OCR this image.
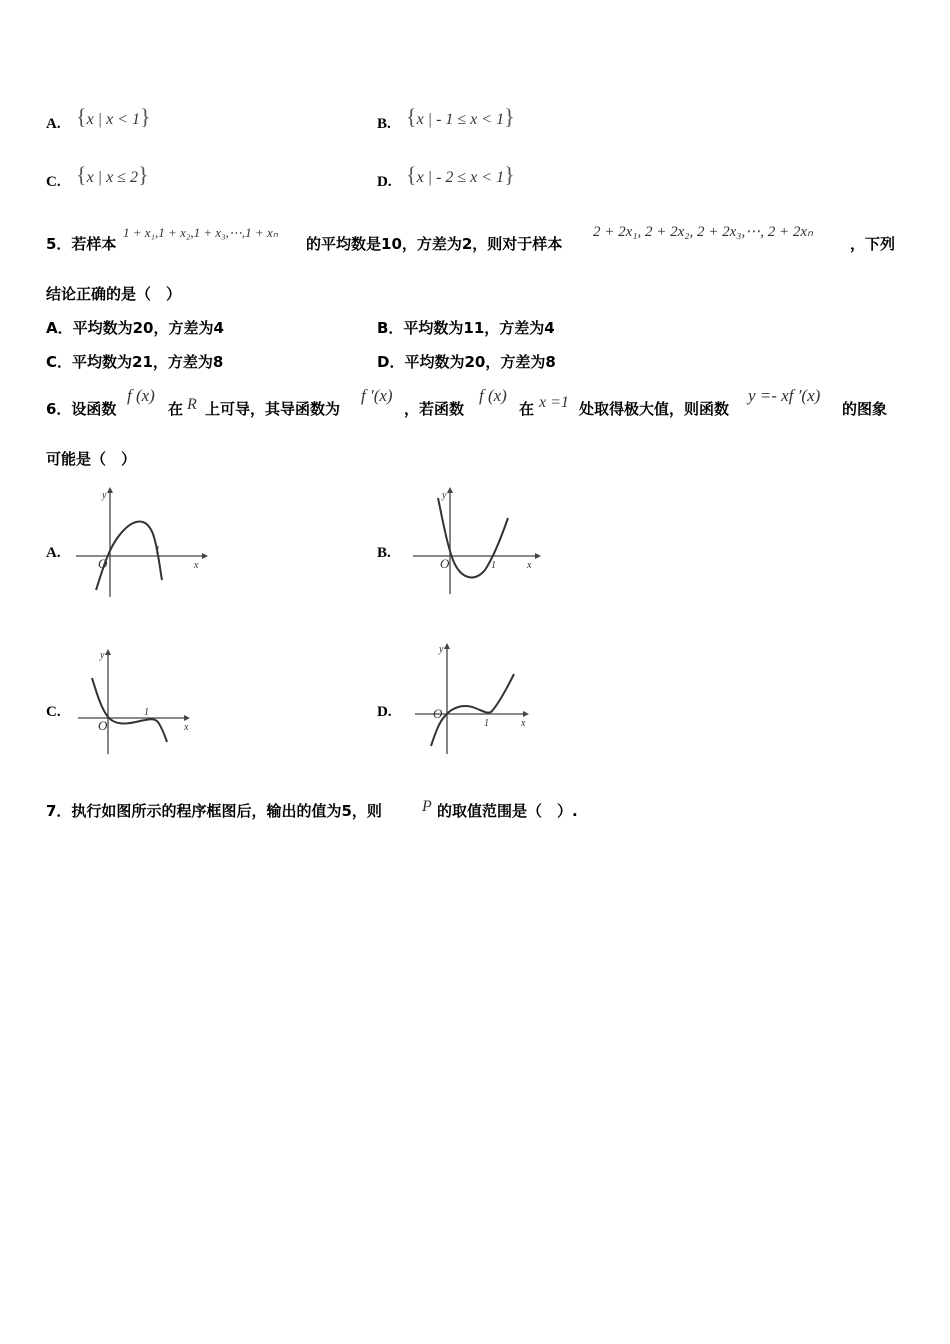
A. {x | x < 1}	B. {x | - 1 ≤ x < 1}
C. {x | x ≤ 2}	D. {x | - 2 ≤ x < 1}
5．若样本
1 + x₁,1 + x₂,1 + x₃,⋯,1 + xₙ
的平均数是10，方差为2，则对于样本
2 + 2x₁, 2 + 2x₂, 2 + 2x₃,⋯, 2 + 2xₙ
，下列
结论正确的是（　）
A．平均数为20，方差为4	B．平均数为11，方差为4
C．平均数为21，方差为8	D．平均数为20，方差为8
6．设函数
f (x)
在 R 上可导，其导函数为
f ′(x)
，若函数
f (x)
在 x =1 处取得极大值，则函数
y =- xf ′(x)
的图象
可能是（　）
A.	B.
C.	D.
y
x
O
1
y
x
O	1
y
x
O
1
y
x
O
1
7．执行如图所示的程序框图后，输出的值为5，则	P 的取值范围是（　）.
